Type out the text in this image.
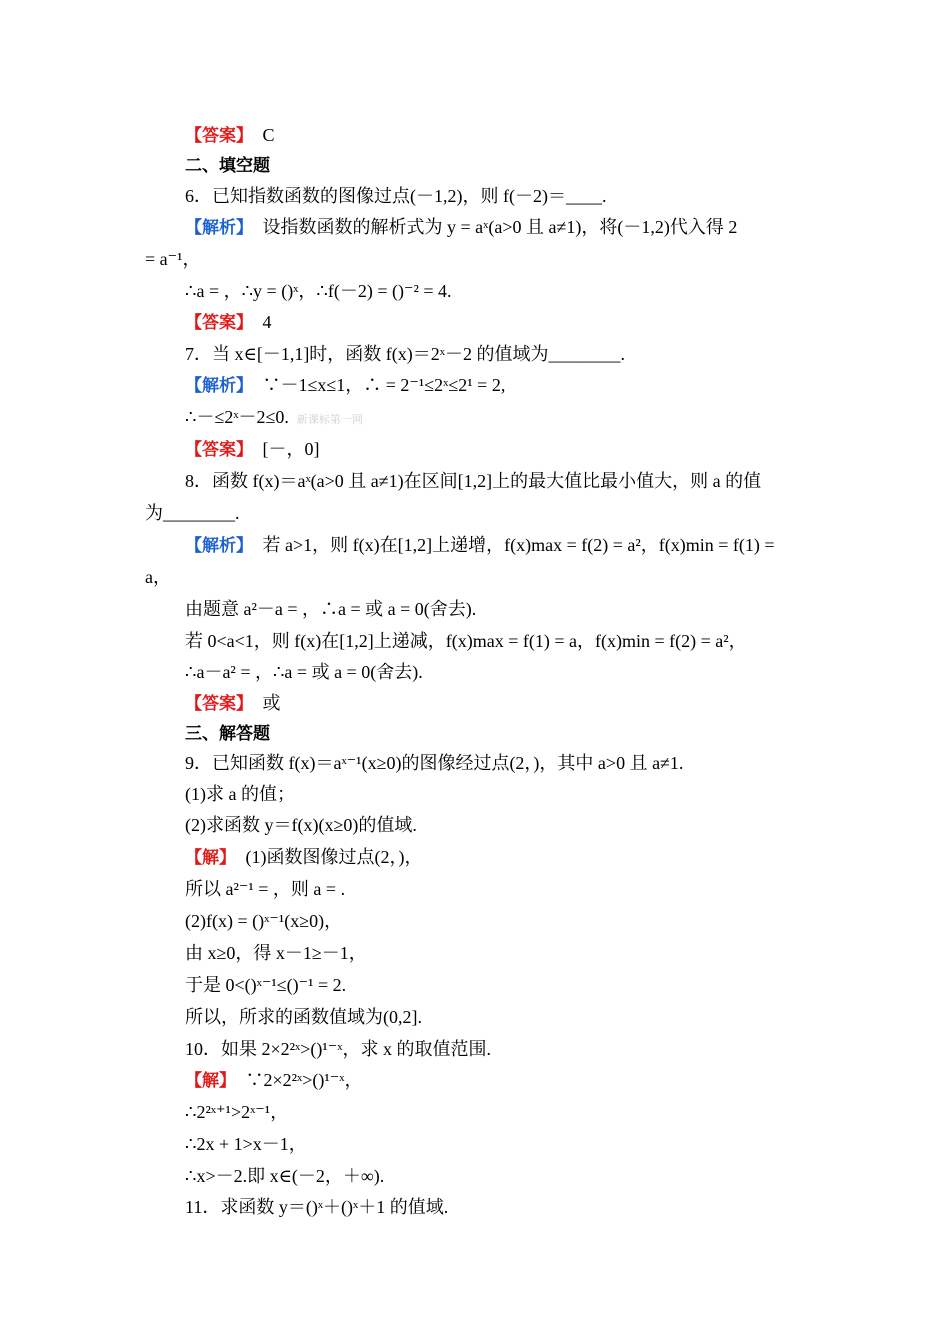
【答案】　C
二、填空题
6．已知指数函数的图像过点(－1,2)，则 f(－2)＝____.
【解析】　设指数函数的解析式为 y = aˣ(a>0 且 a≠1)，将(－1,2)代入得 2
= a⁻¹，
∴a = ，∴y = ()ˣ，∴f(－2) = ()⁻² = 4.
【答案】　4
7．当 x∈[－1,1]时，函数 f(x)＝2ˣ－2 的值域为________.
【解析】　∵－1≤x≤1，∴ = 2⁻¹≤2ˣ≤2¹ = 2,
∴－≤2ˣ－2≤0. 新课标第一网
【答案】　[－，0]
8．函数 f(x)＝aˣ(a>0 且 a≠1)在区间[1,2]上的最大值比最小值大，则 a 的值
为________.
【解析】　若 a>1，则 f(x)在[1,2]上递增，f(x)max = f(2) = a²，f(x)min = f(1) =
a，
由题意 a²－a = ，∴a = 或 a = 0(舍去).
若 0<a<1，则 f(x)在[1,2]上递减，f(x)max = f(1) = a，f(x)min = f(2) = a²，
∴a－a² = ，∴a = 或 a = 0(舍去).
【答案】　或
三、解答题
9．已知函数 f(x)＝aˣ⁻¹(x≥0)的图像经过点(2，)，其中 a>0 且 a≠1.
(1)求 a 的值；
(2)求函数 y＝f(x)(x≥0)的值域.
【解】　(1)函数图像过点(2，)，
所以 a²⁻¹ = ，则 a = .
(2)f(x) = ()ˣ⁻¹(x≥0)，
由 x≥0，得 x－1≥－1，
于是 0<()ˣ⁻¹≤()⁻¹ = 2.
所以，所求的函数值域为(0,2].
10．如果 2×2²ˣ>()¹⁻ˣ，求 x 的取值范围.
【解】　∵2×2²ˣ>()¹⁻ˣ，
∴2²ˣ⁺¹>2ˣ⁻¹，
∴2x + 1>x－1，
∴x>－2.即 x∈(－2，＋∞).
11．求函数 y＝()ˣ＋()ˣ＋1 的值域.
